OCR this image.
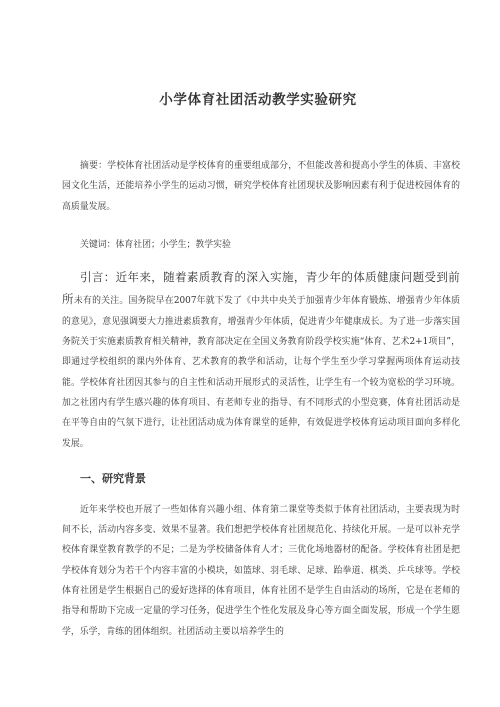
小学体育社团活动教学实验研究

摘要：学校体育社团活动是学校体育的重要组成部分，不但能改善和提高小学生的体质、丰富校园文化生活，还能培养小学生的运动习惯，研究学校体育社团现状及影响因素有利于促进校园体育的高质量发展。

关键词：体育社团；小学生；教学实验

引言：近年来，随着素质教育的深入实施，青少年的体质健康问题受到前所未有的关注。国务院早在2007年就下发了《中共中央关于加强青少年体育锻炼、增强青少年体质的意见》，意见强调要大力推进素质教育，增强青少年体质，促进青少年健康成长。为了进一步落实国务院关于实施素质教育相关精神，教育部决定在全国义务教育阶段学校实施“体育、艺术2+1项目”，即通过学校组织的课内外体育、艺术教育的教学和活动，让每个学生至少学习掌握两项体育运动技能。学校体育社团因其参与的自主性和活动开展形式的灵活性，让学生有一个较为宽松的学习环境。加之社团内有学生感兴趣的体育项目、有老师专业的指导、有不同形式的小型竞赛，体育社团活动是在平等自由的气氛下进行，让社团活动成为体育课堂的延伸，有效促进学校体育运动项目面向多样化发展。

一、研究背景

近年来学校也开展了一些如体育兴趣小组、体育第二课堂等类似于体育社团活动，主要表现为时间不长，活动内容多变、效果不显著。我们想把学校体育社团规范化、持续化开展。一是可以补充学校体育课堂教育教学的不足；二是为学校储备体育人才；三优化场地器材的配备。学校体育社团是把学校体育划分为若干个内容丰富的小模块，如篮球、羽毛球、足球、跆拳道、棋类、乒乓球等。学校体育社团是学生根据自己的爱好选择的体育项目，体育社团不是学生自由活动的场所，它是在老师的指导和帮助下完成一定量的学习任务，促进学生个性化发展及身心等方面全面发展，形成一个学生愿学，乐学，肯练的团体组织。社团活动主要以培养学生的
